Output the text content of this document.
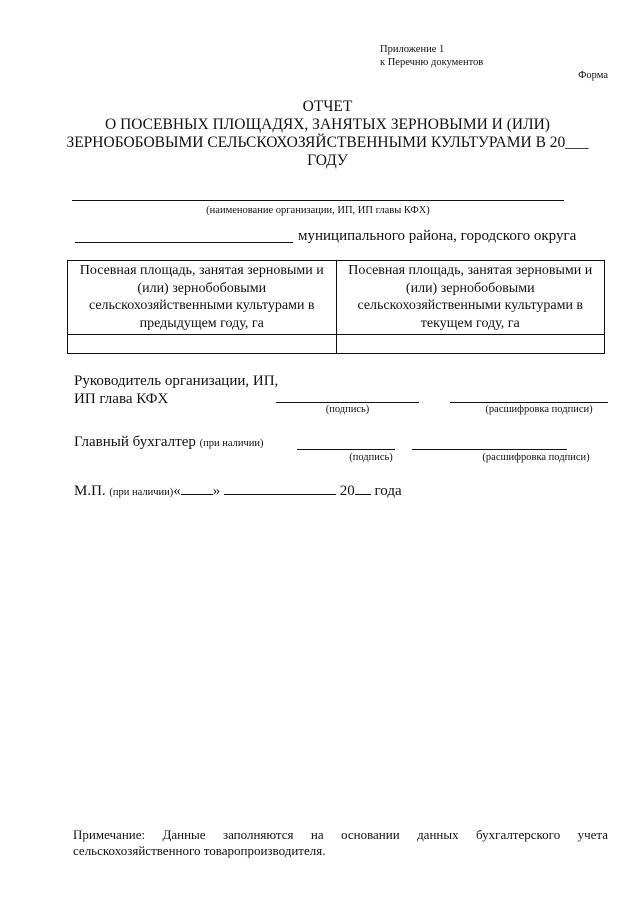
Приложение 1
к Перечню документов
Форма
ОТЧЕТ
О ПОСЕВНЫХ ПЛОЩАДЯХ, ЗАНЯТЫХ ЗЕРНОВЫМИ И (ИЛИ)
ЗЕРНОБОБОВЫМИ СЕЛЬСКОХОЗЯЙСТВЕННЫМИ КУЛЬТУРАМИ В 20___
ГОДУ
(наименование организации, ИП, ИП главы КФХ)
муниципального района, городского округа
Посевная площадь, занятая зерновыми и (или) зернобобовыми сельскохозяйственными культурами в предыдущем году, га	Посевная площадь, занятая зерновыми и (или) зернобобовыми сельскохозяйственными культурами в текущем году, га

Руководитель организации, ИП,
ИП глава КФХ
(подпись)	(расшифровка подписи)
Главный бухгалтер (при наличии)
(подпись)	(расшифровка подписи)
М.П. (при наличии)« »	20 года
Примечание: Данные заполняются на основании данных бухгалтерского учета сельскохозяйственного товаропроизводителя.
